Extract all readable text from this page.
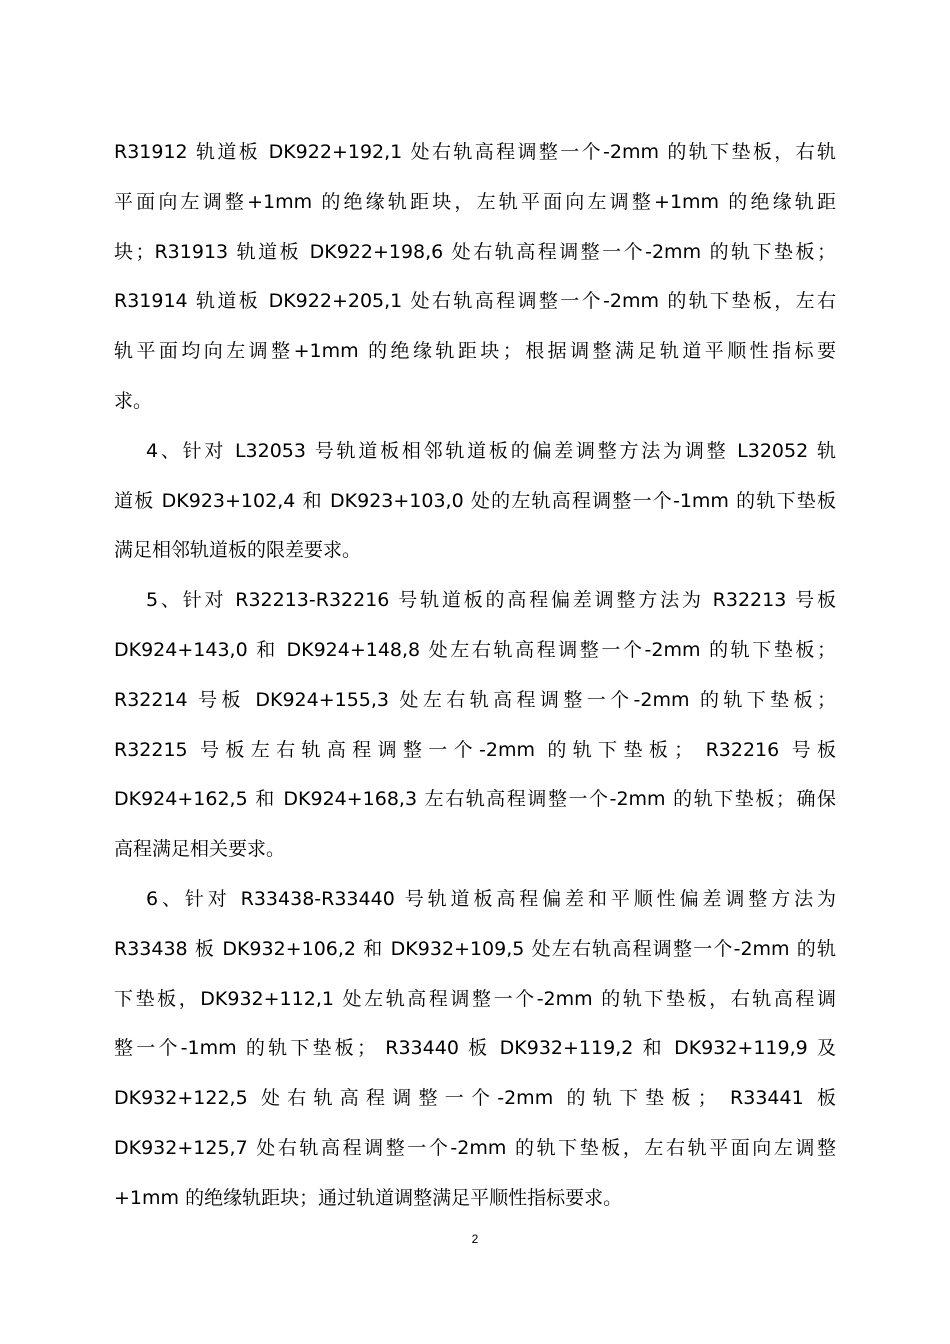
R31912 轨道板 DK922+192,1 处右轨高程调整一个-2mm 的轨下垫板，右轨
平面向左调整+1mm 的绝缘轨距块，左轨平面向左调整+1mm 的绝缘轨距
块；R31913 轨道板 DK922+198,6 处右轨高程调整一个-2mm 的轨下垫板；
R31914 轨道板 DK922+205,1 处右轨高程调整一个-2mm 的轨下垫板，左右
轨平面均向左调整+1mm 的绝缘轨距块；根据调整满足轨道平顺性指标要
求。
4、针对 L32053 号轨道板相邻轨道板的偏差调整方法为调整 L32052 轨
道板 DK923+102,4 和 DK923+103,0 处的左轨高程调整一个-1mm 的轨下垫板
满足相邻轨道板的限差要求。
5、针对 R32213-R32216 号轨道板的高程偏差调整方法为 R32213 号板
DK924+143,0 和 DK924+148,8 处左右轨高程调整一个-2mm 的轨下垫板；
R32214 号板 DK924+155,3 处左右轨高程调整一个-2mm 的轨下垫板；
R32215 号板左右轨高程调整一个-2mm 的轨下垫板； R32216 号板
DK924+162,5 和 DK924+168,3 左右轨高程调整一个-2mm 的轨下垫板；确保
高程满足相关要求。
6、针对 R33438-R33440 号轨道板高程偏差和平顺性偏差调整方法为
R33438 板 DK932+106,2 和 DK932+109,5 处左右轨高程调整一个-2mm 的轨
下垫板，DK932+112,1 处左轨高程调整一个-2mm 的轨下垫板，右轨高程调
整一个-1mm 的轨下垫板； R33440 板 DK932+119,2 和 DK932+119,9 及
DK932+122,5 处右轨高程调整一个-2mm 的轨下垫板； R33441 板
DK932+125,7 处右轨高程调整一个-2mm 的轨下垫板，左右轨平面向左调整
+1mm 的绝缘轨距块；通过轨道调整满足平顺性指标要求。
2
